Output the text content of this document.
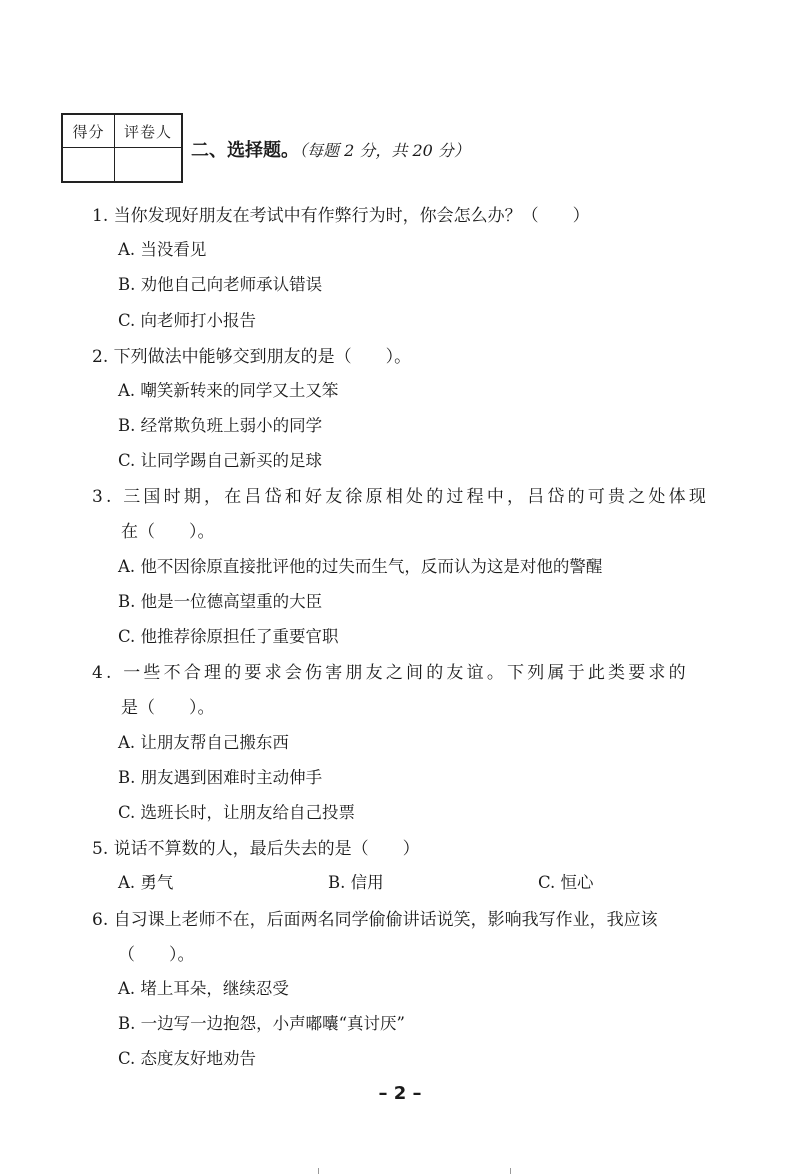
得分	评卷人
二、选择题。（每题 2 分，共 20 分）
1. 当你发现好朋友在考试中有作弊行为时，你会怎么办？（　　）
A. 当没看见
B. 劝他自己向老师承认错误
C. 向老师打小报告
2. 下列做法中能够交到朋友的是（　　）。
A. 嘲笑新转来的同学又土又笨
B. 经常欺负班上弱小的同学
C. 让同学踢自己新买的足球
3. 三国时期，在吕岱和好友徐原相处的过程中，吕岱的可贵之处体现
在（　　）。
A. 他不因徐原直接批评他的过失而生气，反而认为这是对他的警醒
B. 他是一位德高望重的大臣
C. 他推荐徐原担任了重要官职
4. 一些不合理的要求会伤害朋友之间的友谊。下列属于此类要求的
是（　　）。
A. 让朋友帮自己搬东西
B. 朋友遇到困难时主动伸手
C. 选班长时，让朋友给自己投票
5. 说话不算数的人，最后失去的是（　　）
A. 勇气	B. 信用	C. 恒心
6. 自习课上老师不在，后面两名同学偷偷讲话说笑，影响我写作业，我应该
（　　）。
A. 堵上耳朵，继续忍受
B. 一边写一边抱怨，小声嘟囔“真讨厌”
C. 态度友好地劝告
– 2 –
